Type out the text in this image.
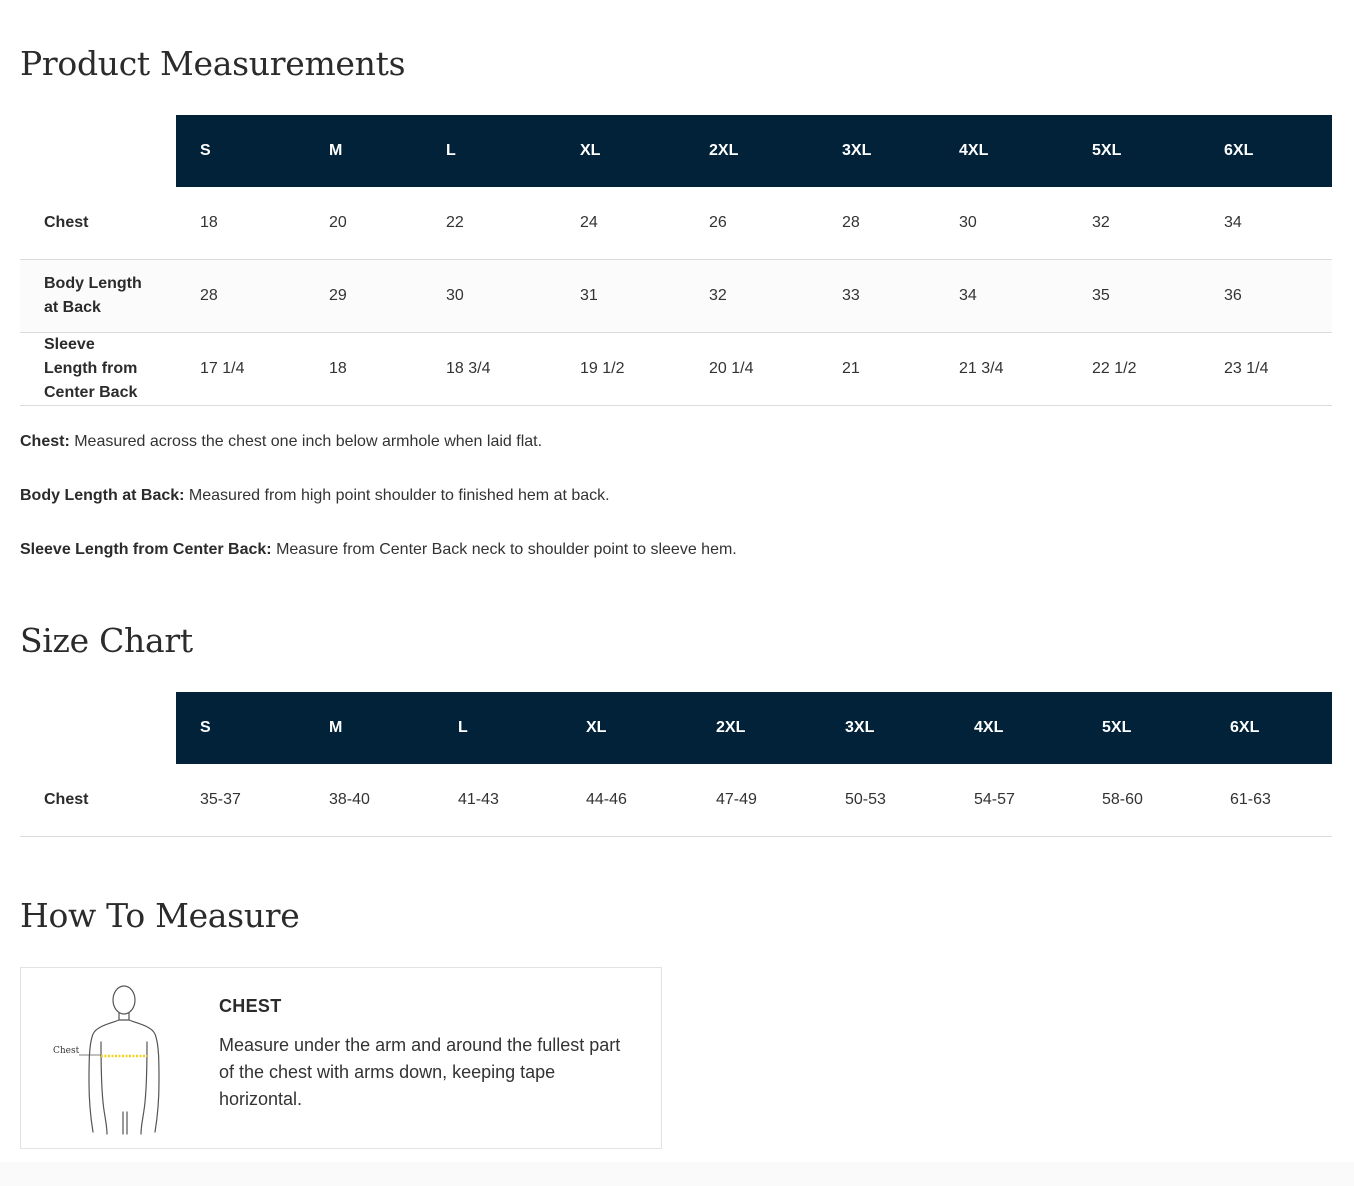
Product Measurements
	S	M	L	XL	2XL	3XL	4XL	5XL	6XL
Chest	18	20	22	24	26	28	30	32	34
Body Length
at Back	28	29	30	31	32	33	34	35	36
Sleeve
Length from
Center Back	17 1/4	18	18 3/4	19 1/2	20 1/4	21	21 3/4	22 1/2	23 1/4

Chest: Measured across the chest one inch below armhole when laid flat.

Body Length at Back: Measured from high point shoulder to finished hem at back.

Sleeve Length from Center Back: Measure from Center Back neck to shoulder point to sleeve hem.

Size Chart
	S	M	L	XL	2XL	3XL	4XL	5XL	6XL
Chest	35-37	38-40	41-43	44-46	47-49	50-53	54-57	58-60	61-63
How To Measure
Chest
CHEST
Measure under the arm and around the fullest part of the chest with arms down, keeping tape horizontal.
